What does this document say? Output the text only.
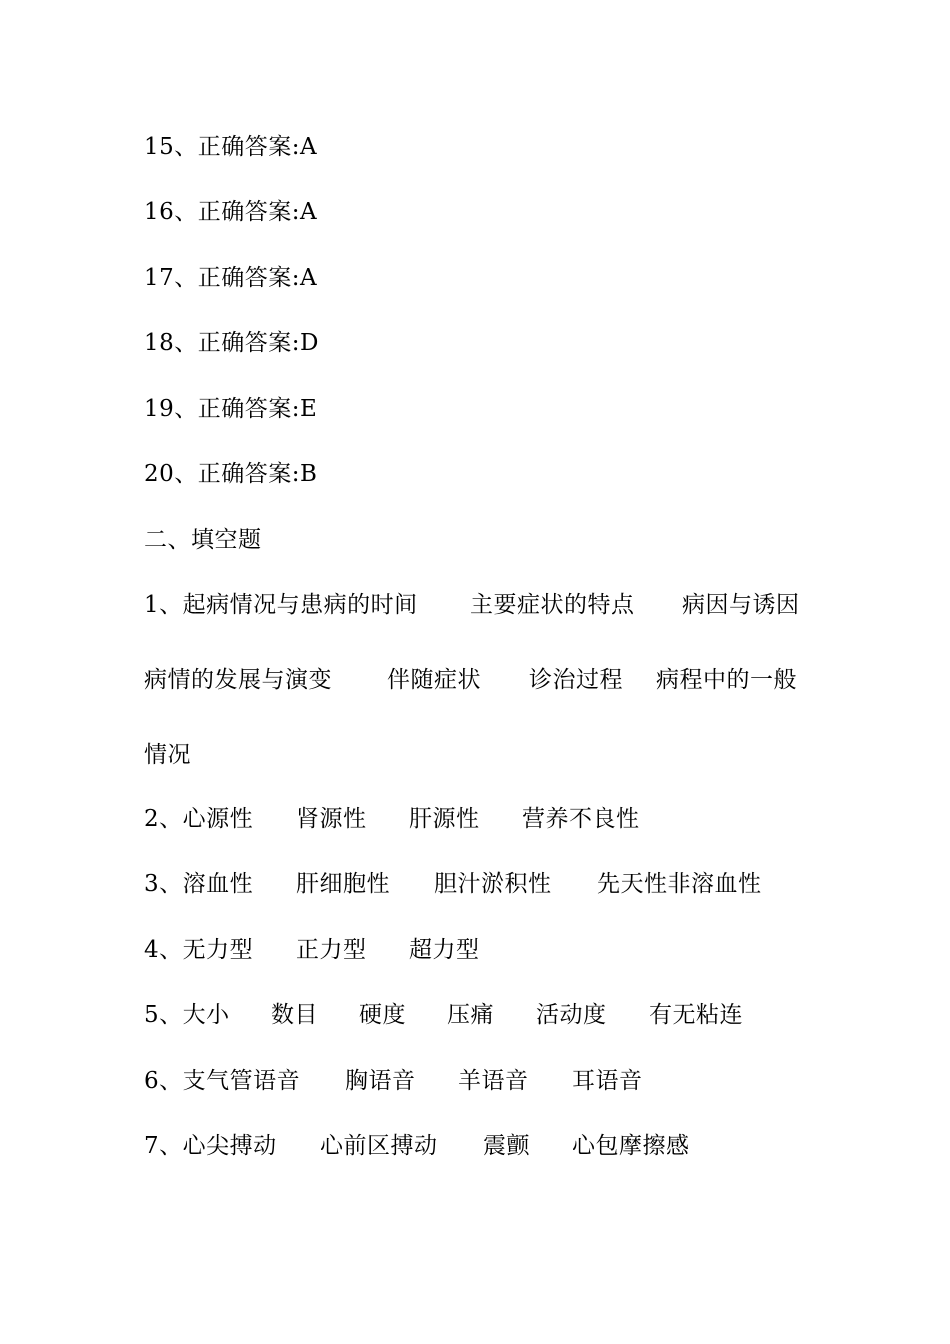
15、正确答案:A
16、正确答案:A
17、正确答案:A
18、正确答案:D
19、正确答案:E
20、正确答案:B
二、填空题
1、起病情况与患病的时间 主要症状的特点 病因与诱因
病情的发展与演变 伴随症状 诊治过程 病程中的一般
情况
2、心源性 肾源性 肝源性 营养不良性
3、溶血性 肝细胞性 胆汁淤积性 先天性非溶血性
4、无力型 正力型 超力型
5、大小 数目 硬度 压痛 活动度 有无粘连
6、支气管语音 胸语音 羊语音 耳语音
7、心尖搏动 心前区搏动 震颤 心包摩擦感
